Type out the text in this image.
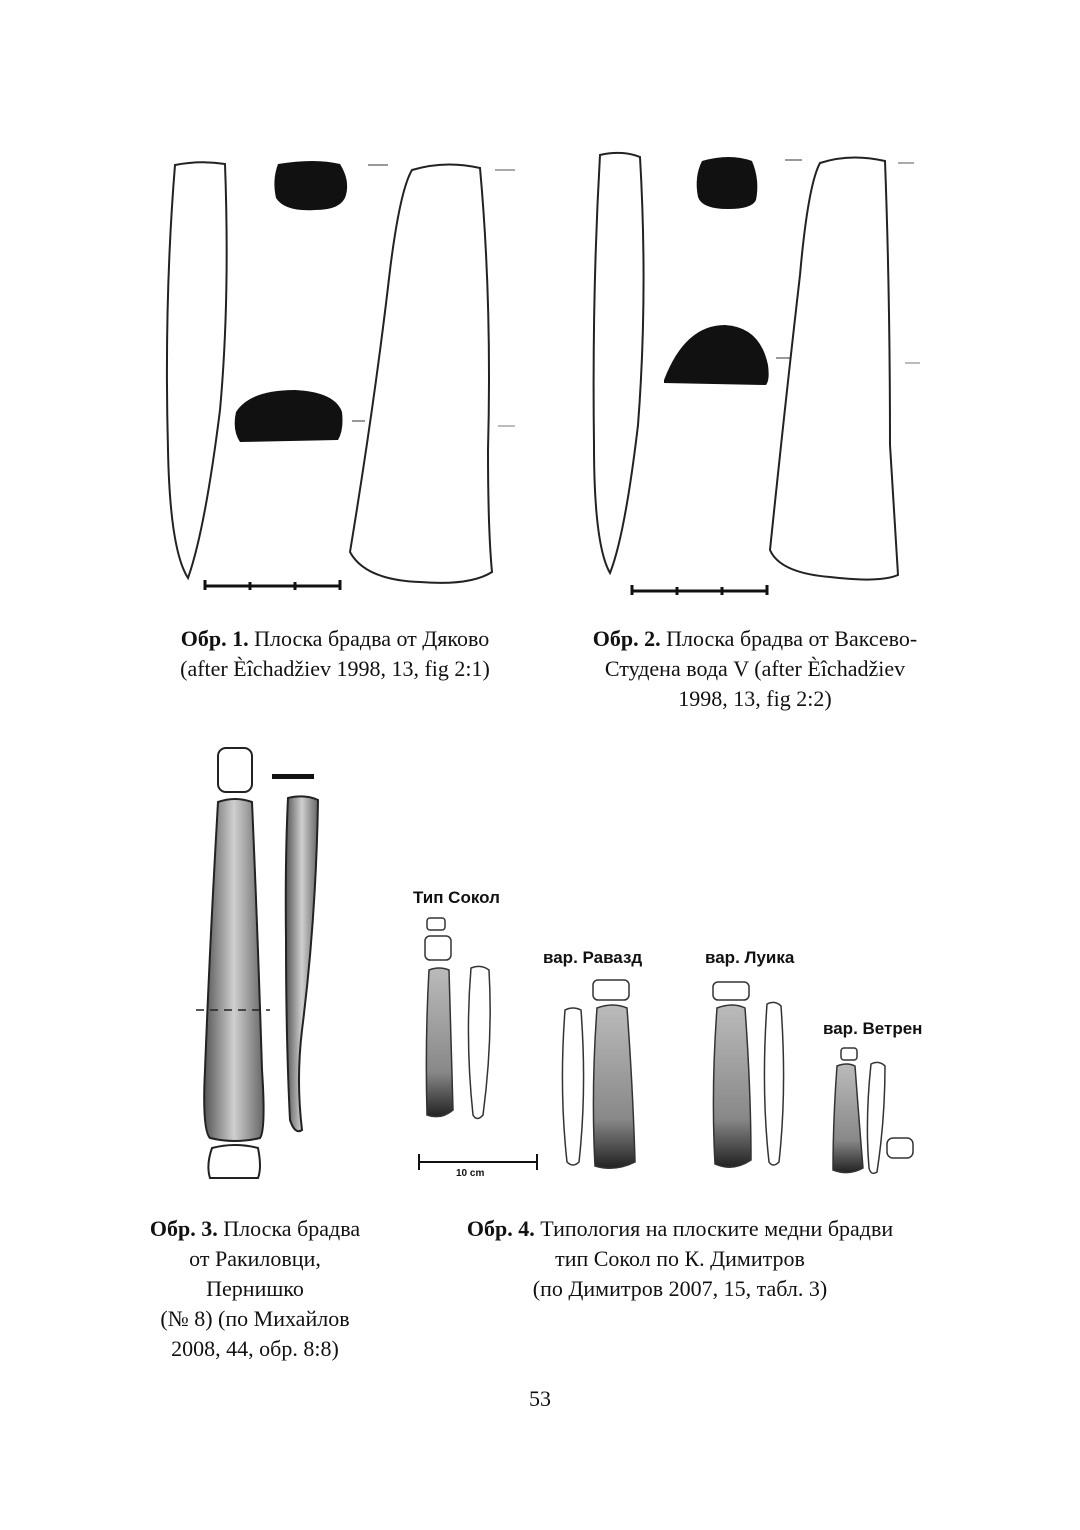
Обр. 1. Плоска брадва от Дяково
(after Èîchadžiev 1998, 13, fig 2:1)
Обр. 2. Плоска брадва от Ваксево-
Студена вода V (after Èîchadžiev
1998, 13, fig 2:2)
Обр. 3. Плоска брадва
от Ракиловци,
Пернишко
(№ 8) (по Михайлов
2008, 44, обр. 8:8)
Тип Сокол
вар. Равазд	вар. Луика
вар. Ветрен
10 cm
Обр. 4. Типология на плоските медни брадви
тип Сокол по К. Димитров
(по Димитров 2007, 15, табл. 3)
53
